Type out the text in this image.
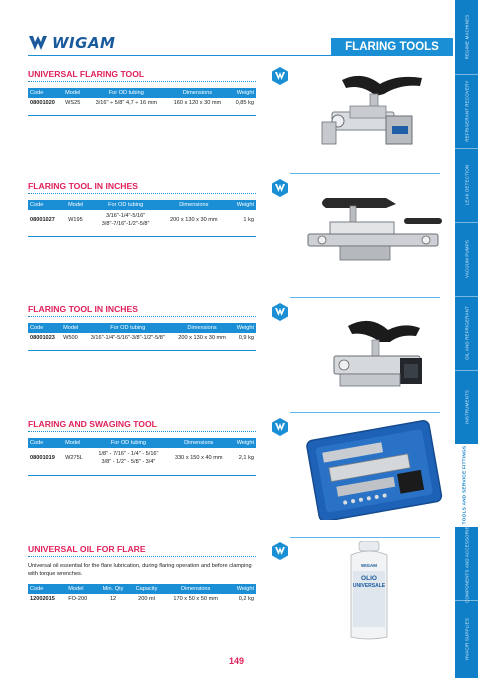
WIGAM	FLARING TOOLS	REGIME MACHINES
REFRIGERANT RECOVERY
LEAK DETECTION
VACUUM PUMPS
OIL AND REFRIGERANT
INSTRUMENTS
TOOLS AND SERVICE FITTINGS
COMPONENTS AND ACCESSORIES
HVAC/R SUPPLIES
UNIVERSAL FLARING TOOL
Code	Model	For OD tubing	Dimensions	Weight
08001020	WS25	3/16" ÷ 5/8" 4,7 ÷ 16 mm	160 x 120 x 30 mm	0,85 kg
FLARING TOOL IN INCHES
Code	Model	For OD tubing	Dimensions	Weight
08001027	W195	3/16"-1/4"-5/16"
3/8"-7/16"-1/2"-5/8"	200 x 130 x 30 mm	1 kg
FLARING TOOL IN INCHES
Code	Model	For OD tubing	Dimensions	Weight
08001023	W500	3/16"-1/4"-5/16"-3/8"-1/2"-5/8"	200 x 130 x 30 mm	0,9 kg
FLARING AND SWAGING TOOL
Code	Model	For OD tubing	Dimensions	Weight
08001019	W275L	1/8" - 7/16" - 1/4" - 5/16"
3/8" - 1/2" - 5/8" - 3/4"	330 x 150 x 40 mm	2,1 kg
UNIVERSAL OIL FOR FLARE
Universal oil essential for the flare lubrication, during flaring operation and before clamping with torque wrenches.
Code	Model	Min. Qty	Capacity	Dimensions	Weight
12002015	FO-200	12	200 ml	170 x 50 x 50 mm	0,2 kg
WIGAM
OLIO
UNIVERSALE
149
